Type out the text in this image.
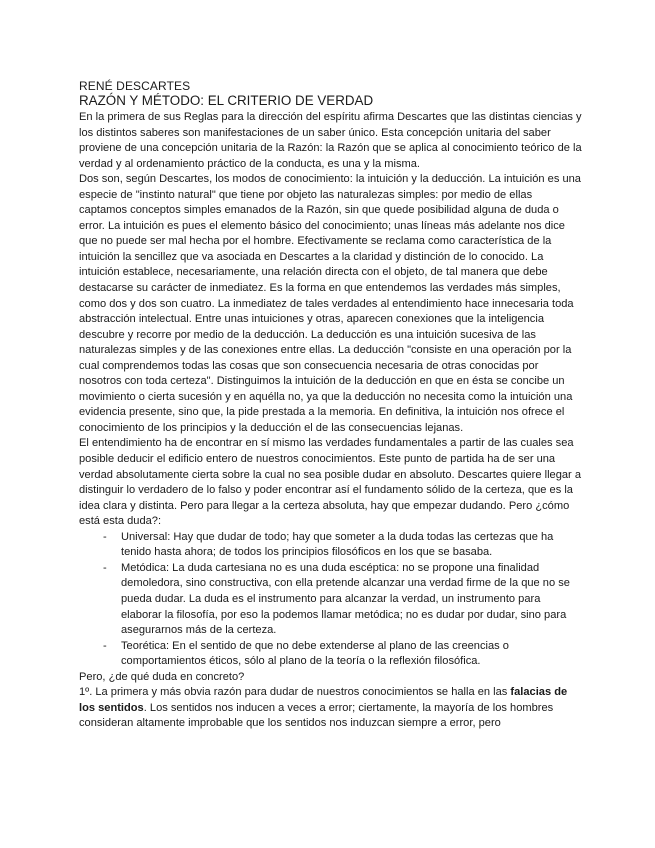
RENÉ DESCARTES
RAZÓN Y MÉTODO: EL CRITERIO DE VERDAD

En la primera de sus Reglas para la dirección del espíritu afirma Descartes que las distintas ciencias y los distintos saberes son manifestaciones de un saber único. Esta concepción unitaria del saber proviene de una concepción unitaria de la Razón: la Razón que se aplica al conocimiento teórico de la verdad y al ordenamiento práctico de la conducta, es una y la misma.

Dos son, según Descartes, los modos de conocimiento: la intuición y la deducción. La intuición es una especie de "instinto natural" que tiene por objeto las naturalezas simples: por medio de ellas captamos conceptos simples emanados de la Razón, sin que quede posibilidad alguna de duda o error. La intuición es pues el elemento básico del conocimiento; unas líneas más adelante nos dice que no puede ser mal hecha por el hombre. Efectivamente se reclama como característica de la intuición la sencillez que va asociada en Descartes a la claridad y distinción de lo conocido. La intuición establece, necesariamente, una relación directa con el objeto, de tal manera que debe destacarse su carácter de inmediatez. Es la forma en que entendemos las verdades más simples, como dos y dos son cuatro. La inmediatez de tales verdades al entendimiento hace innecesaria toda abstracción intelectual. Entre unas intuiciones y otras, aparecen conexiones que la inteligencia descubre y recorre por medio de la deducción. La deducción es una intuición sucesiva de las naturalezas simples y de las conexiones entre ellas. La deducción "consiste en una operación por la cual comprendemos todas las cosas que son consecuencia necesaria de otras conocidas por nosotros con toda certeza". Distinguimos la intuición de la deducción en que en ésta se concibe un movimiento o cierta sucesión y en aquélla no, ya que la deducción no necesita como la intuición una evidencia presente, sino que, la pide prestada a la memoria. En definitiva, la intuición nos ofrece el conocimiento de los principios y la deducción el de las consecuencias lejanas.

El entendimiento ha de encontrar en sí mismo las verdades fundamentales a partir de las cuales sea posible deducir el edificio entero de nuestros conocimientos. Este punto de partida ha de ser una verdad absolutamente cierta sobre la cual no sea posible dudar en absoluto. Descartes quiere llegar a distinguir lo verdadero de lo falso y poder encontrar así el fundamento sólido de la certeza, que es la idea clara y distinta. Pero para llegar a la certeza absoluta, hay que empezar dudando. Pero ¿cómo está esta duda?:

- Universal: Hay que dudar de todo; hay que someter a la duda todas las certezas que ha tenido hasta ahora; de todos los principios filosóficos en los que se basaba.
- Metódica: La duda cartesiana no es una duda escéptica: no se propone una finalidad demoledora, sino constructiva, con ella pretende alcanzar una verdad firme de la que no se pueda dudar. La duda es el instrumento para alcanzar la verdad, un instrumento para elaborar la filosofía, por eso la podemos llamar metódica; no es dudar por dudar, sino para asegurarnos más de la certeza.
- Teorética: En el sentido de que no debe extenderse al plano de las creencias o comportamientos éticos, sólo al plano de la teoría o la reflexión filosófica.

Pero, ¿de qué duda en concreto?

1º. La primera y más obvia razón para dudar de nuestros conocimientos se halla en las falacias de los sentidos. Los sentidos nos inducen a veces a error; ciertamente, la mayoría de los hombres consideran altamente improbable que los sentidos nos induzcan siempre a error, pero
